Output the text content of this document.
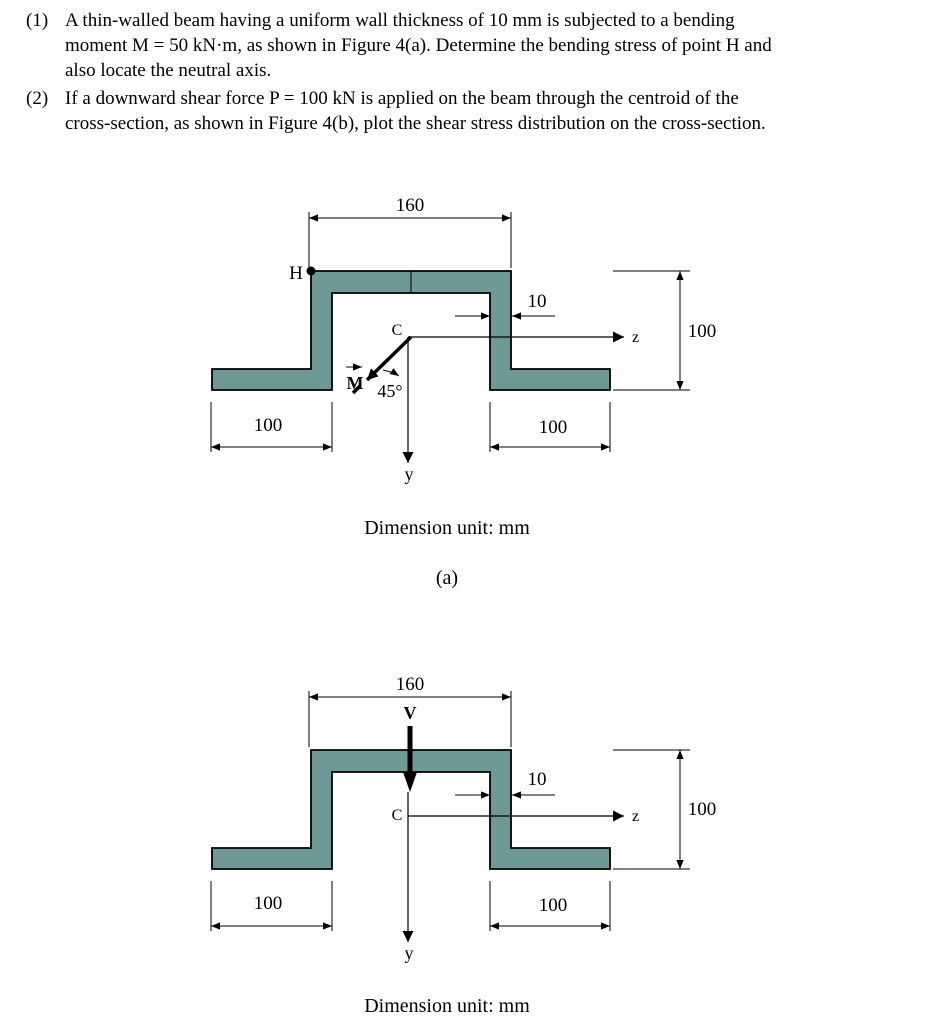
(1) A thin-walled beam having a uniform wall thickness of 10 mm is subjected to a bending
moment M = 50 kN·m, as shown in Figure 4(a). Determine the bending stress of point H and
also locate the neutral axis.
(2) If a downward shear force P = 100 kN is applied on the beam through the centroid of the
cross-section, as shown in Figure 4(b), plot the shear stress distribution on the cross-section.
160
H
10
z
y
C	100
M 45°
100	100
Dimension unit: mm
(a)
160
V
10
z
y
C	100
100	100
Dimension unit: mm
